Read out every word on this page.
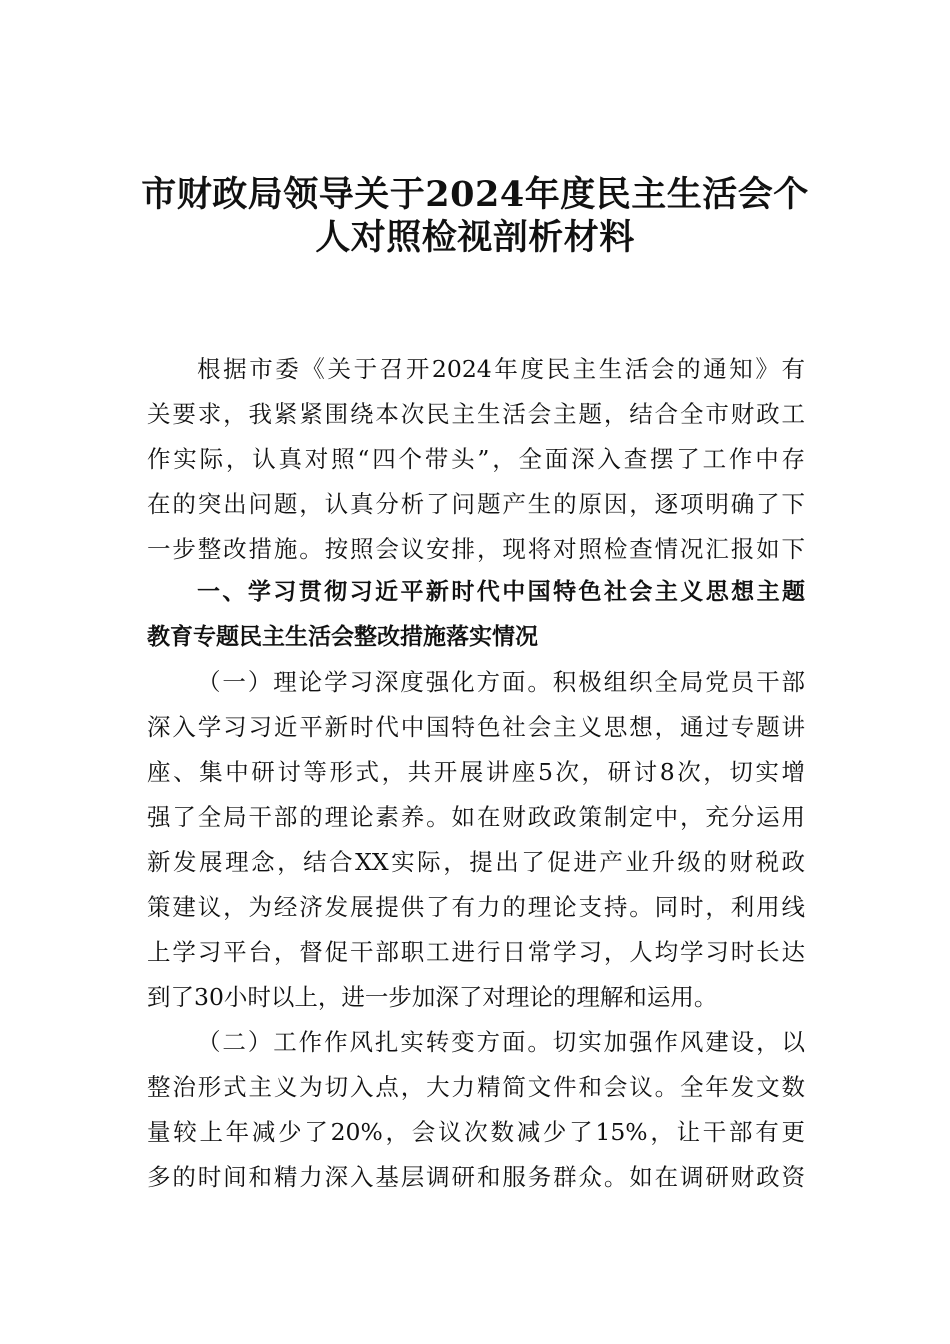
市财政局领导关于2024年度民主生活会个
人对照检视剖析材料
根据市委《关于召开2024年度民主生活会的通知》有
关要求，我紧紧围绕本次民主生活会主题，结合全市财政工
作实际，认真对照“四个带头”，全面深入查摆了工作中存
在的突出问题，认真分析了问题产生的原因，逐项明确了下
一步整改措施。按照会议安排，现将对照检查情况汇报如下
一、学习贯彻习近平新时代中国特色社会主义思想主题
教育专题民主生活会整改措施落实情况
（一）理论学习深度强化方面。积极组织全局党员干部
深入学习习近平新时代中国特色社会主义思想，通过专题讲
座、集中研讨等形式，共开展讲座5次，研讨8次，切实增
强了全局干部的理论素养。如在财政政策制定中，充分运用
新发展理念，结合XX实际，提出了促进产业升级的财税政
策建议，为经济发展提供了有力的理论支持。同时，利用线
上学习平台，督促干部职工进行日常学习，人均学习时长达
到了30小时以上，进一步加深了对理论的理解和运用。
（二）工作作风扎实转变方面。切实加强作风建设，以
整治形式主义为切入点，大力精简文件和会议。全年发文数
量较上年减少了20%，会议次数减少了15%，让干部有更
多的时间和精力深入基层调研和服务群众。如在调研财政资
